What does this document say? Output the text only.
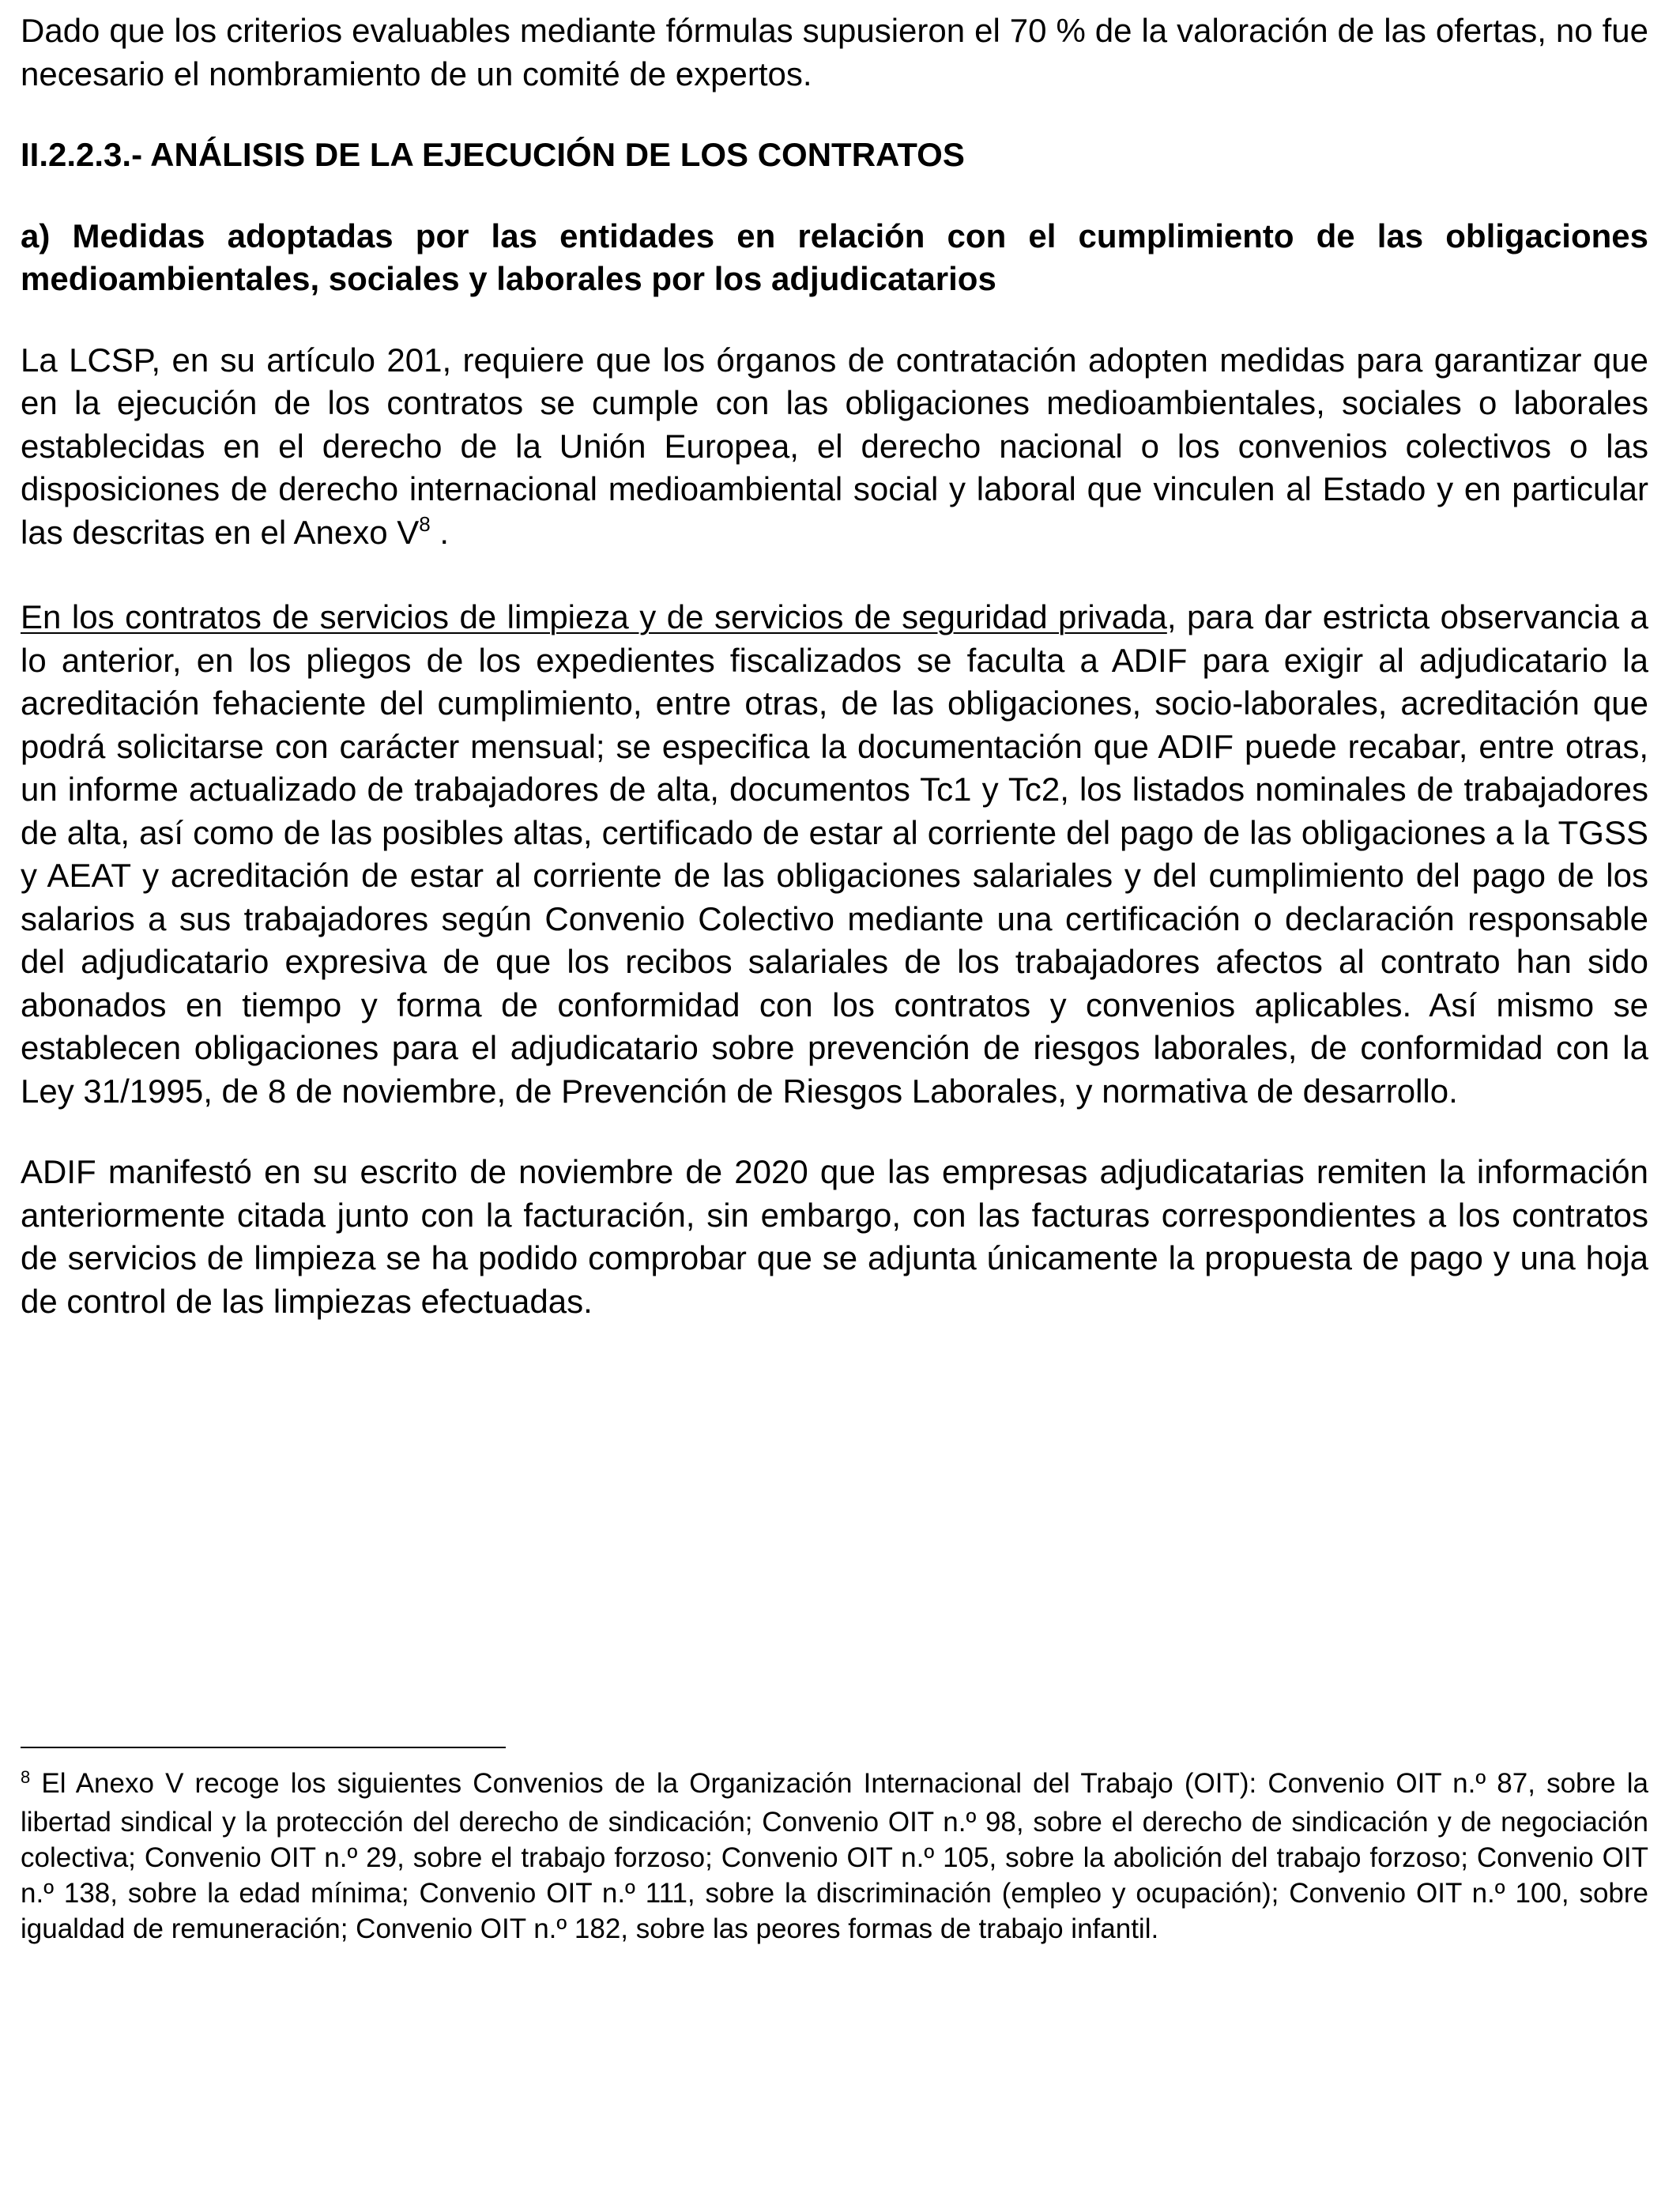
Dado que los criterios evaluables mediante fórmulas supusieron el 70 % de la valoración de las ofertas, no fue necesario el nombramiento de un comité de expertos.

II.2.2.3.- ANÁLISIS DE LA EJECUCIÓN DE LOS CONTRATOS

a) Medidas adoptadas por las entidades en relación con el cumplimiento de las obligaciones medioambientales, sociales y laborales por los adjudicatarios

La LCSP, en su artículo 201, requiere que los órganos de contratación adopten medidas para garantizar que en la ejecución de los contratos se cumple con las obligaciones medioambientales, sociales o laborales establecidas en el derecho de la Unión Europea, el derecho nacional o los convenios colectivos o las disposiciones de derecho internacional medioambiental social y laboral que vinculen al Estado y en particular las descritas en el Anexo V$^8$ .

En los contratos de servicios de limpieza y de servicios de seguridad privada, para dar estricta observancia a lo anterior, en los pliegos de los expedientes fiscalizados se faculta a ADIF para exigir al adjudicatario la acreditación fehaciente del cumplimiento, entre otras, de las obligaciones, socio-laborales, acreditación que podrá solicitarse con carácter mensual; se especifica la documentación que ADIF puede recabar, entre otras, un informe actualizado de trabajadores de alta, documentos Tc1 y Tc2, los listados nominales de trabajadores de alta, así como de las posibles altas, certificado de estar al corriente del pago de las obligaciones a la TGSS y AEAT y acreditación de estar al corriente de las obligaciones salariales y del cumplimiento del pago de los salarios a sus trabajadores según Convenio Colectivo mediante una certificación o declaración responsable del adjudicatario expresiva de que los recibos salariales de los trabajadores afectos al contrato han sido abonados en tiempo y forma de conformidad con los contratos y convenios aplicables. Así mismo se establecen obligaciones para el adjudicatario sobre prevención de riesgos laborales, de conformidad con la Ley 31/1995, de 8 de noviembre, de Prevención de Riesgos Laborales, y normativa de desarrollo.

ADIF manifestó en su escrito de noviembre de 2020 que las empresas adjudicatarias remiten la información anteriormente citada junto con la facturación, sin embargo, con las facturas correspondientes a los contratos de servicios de limpieza se ha podido comprobar que se adjunta únicamente la propuesta de pago y una hoja de control de las limpiezas efectuadas.

$^8$ El Anexo V recoge los siguientes Convenios de la Organización Internacional del Trabajo (OIT): Convenio OIT n.º 87, sobre la libertad sindical y la protección del derecho de sindicación; Convenio OIT n.º 98, sobre el derecho de sindicación y de negociación colectiva; Convenio OIT n.º 29, sobre el trabajo forzoso; Convenio OIT n.º 105, sobre la abolición del trabajo forzoso; Convenio OIT n.º 138, sobre la edad mínima; Convenio OIT n.º 111, sobre la discriminación (empleo y ocupación); Convenio OIT n.º 100, sobre igualdad de remuneración; Convenio OIT n.º 182, sobre las peores formas de trabajo infantil.
